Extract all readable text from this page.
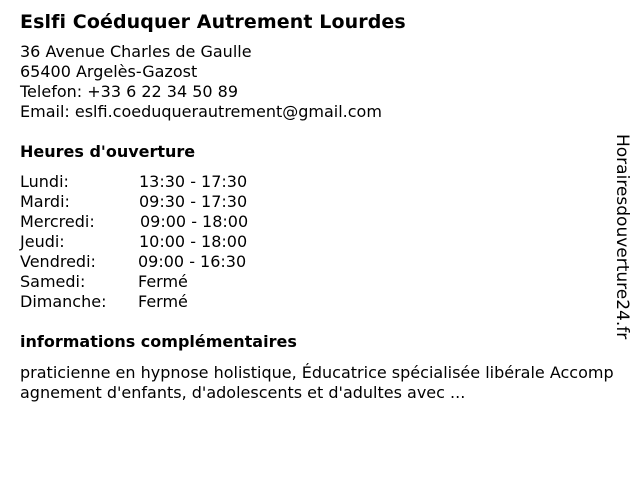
Eslfi Coéduquer Autrement Lourdes
36 Avenue Charles de Gaulle
65400 Argelès-Gazost
Telefon: +33 6 22 34 50 89
Email: eslfi.coeduquerautrement@gmail.com
Heures d'ouverture
Lundi:	13:30 - 17:30
Mardi:	09:30 - 17:30
Mercredi:	09:00 - 18:00
Jeudi:	10:00 - 18:00
Vendredi:	09:00 - 16:30
Samedi:	Fermé
Dimanche:	Fermé
informations complémentaires
praticienne en hypnose holistique, Éducatrice spécialisée libérale Accompagnement d'enfants, d'adolescents et d'adultes avec ...
Horairesdouverture24.fr
